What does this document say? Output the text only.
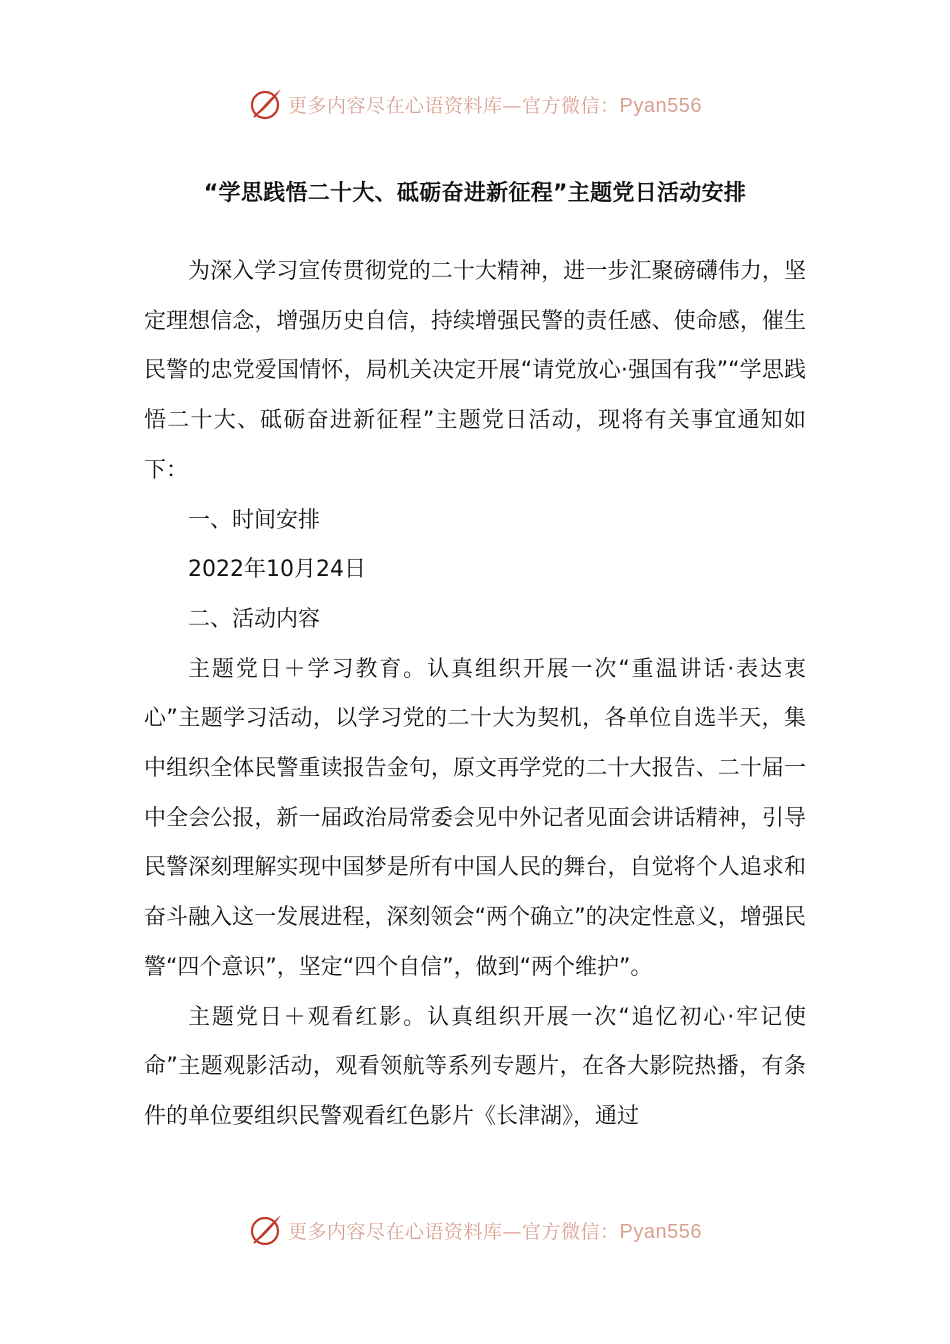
更多内容尽在心语资料库—官方微信：Pyan556
“学思践悟二十大、砥砺奋进新征程”主题党日活动安排

为深入学习宣传贯彻党的二十大精神，进一步汇聚磅礴伟力，坚定理想信念，增强历史自信，持续增强民警的责任感、使命感，催生民警的忠党爱国情怀，局机关决定开展“请党放心·强国有我”“学思践悟二十大、砥砺奋进新征程”主题党日活动，现将有关事宜通知如下：

一、时间安排

2022年10月24日

二、活动内容

主题党日＋学习教育。认真组织开展一次“重温讲话·表达衷心”主题学习活动，以学习党的二十大为契机，各单位自选半天，集中组织全体民警重读报告金句，原文再学党的二十大报告、二十届一中全会公报，新一届政治局常委会见中外记者见面会讲话精神，引导民警深刻理解实现中国梦是所有中国人民的舞台，自觉将个人追求和奋斗融入这一发展进程，深刻领会“两个确立”的决定性意义，增强民警“四个意识”，坚定“四个自信”，做到“两个维护”。

主题党日＋观看红影。认真组织开展一次“追忆初心·牢记使命”主题观影活动，观看领航等系列专题片，在各大影院热播，有条件的单位要组织民警观看红色影片《长津湖》，通过

更多内容尽在心语资料库—官方微信：Pyan556
